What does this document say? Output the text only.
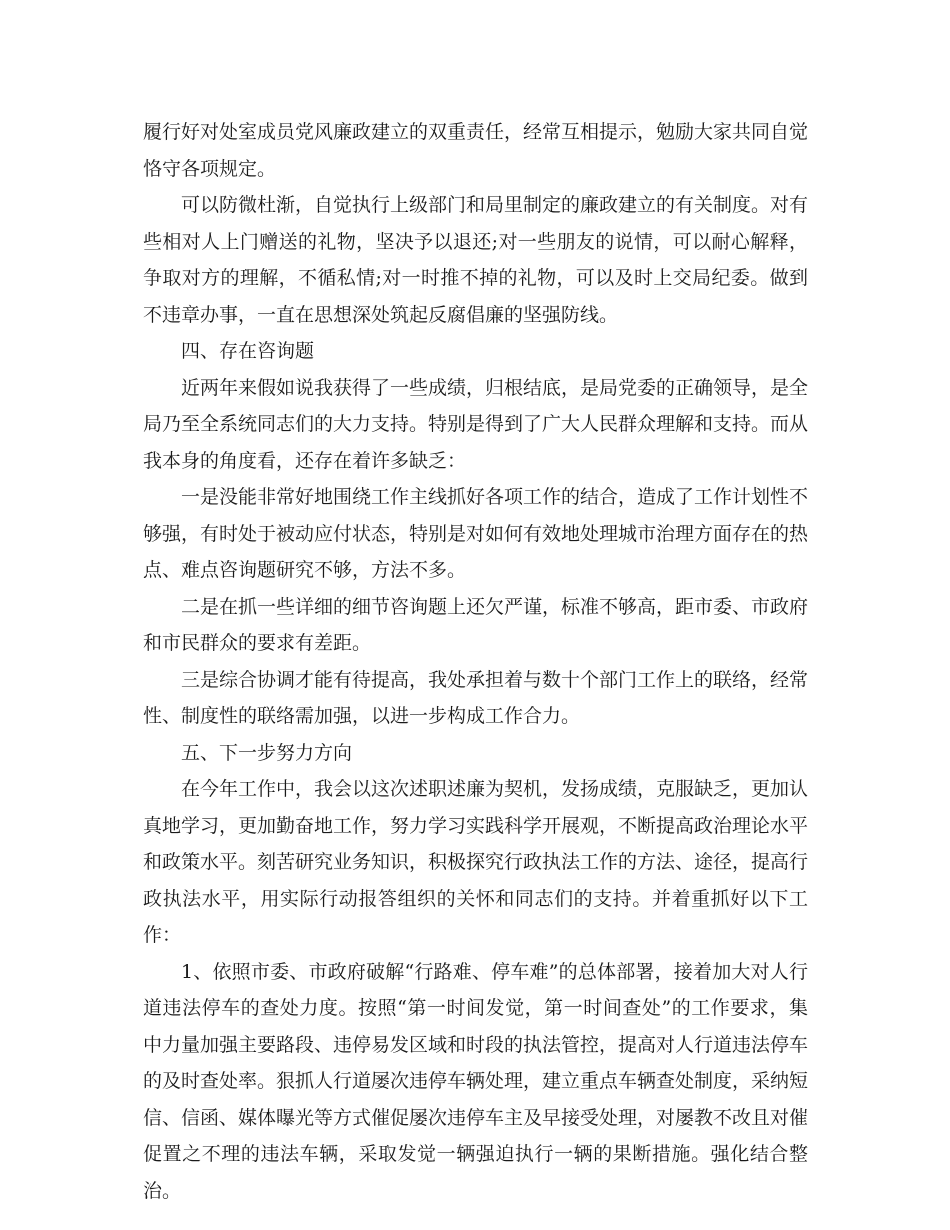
履行好对处室成员党风廉政建立的双重责任，经常互相提示，勉励大家共同自觉恪守各项规定。

可以防微杜渐，自觉执行上级部门和局里制定的廉政建立的有关制度。对有些相对人上门赠送的礼物，坚决予以退还;对一些朋友的说情，可以耐心解释，争取对方的理解，不循私情;对一时推不掉的礼物，可以及时上交局纪委。做到不违章办事，一直在思想深处筑起反腐倡廉的坚强防线。

四、存在咨询题

近两年来假如说我获得了一些成绩，归根结底，是局党委的正确领导，是全局乃至全系统同志们的大力支持。特别是得到了广大人民群众理解和支持。而从我本身的角度看，还存在着许多缺乏：

一是没能非常好地围绕工作主线抓好各项工作的结合，造成了工作计划性不够强，有时处于被动应付状态，特别是对如何有效地处理城市治理方面存在的热点、难点咨询题研究不够，方法不多。

二是在抓一些详细的细节咨询题上还欠严谨，标准不够高，距市委、市政府和市民群众的要求有差距。

三是综合协调才能有待提高，我处承担着与数十个部门工作上的联络，经常性、制度性的联络需加强，以进一步构成工作合力。

五、下一步努力方向

在今年工作中，我会以这次述职述廉为契机，发扬成绩，克服缺乏，更加认真地学习，更加勤奋地工作，努力学习实践科学开展观，不断提高政治理论水平和政策水平。刻苦研究业务知识，积极探究行政执法工作的方法、途径，提高行政执法水平，用实际行动报答组织的关怀和同志们的支持。并着重抓好以下工作：

1、依照市委、市政府破解“行路难、停车难”的总体部署，接着加大对人行道违法停车的查处力度。按照“第一时间发觉，第一时间查处”的工作要求，集中力量加强主要路段、违停易发区域和时段的执法管控，提高对人行道违法停车的及时查处率。狠抓人行道屡次违停车辆处理，建立重点车辆查处制度，采纳短信、信函、媒体曝光等方式催促屡次违停车主及早接受处理，对屡教不改且对催促置之不理的违法车辆，采取发觉一辆强迫执行一辆的果断措施。强化结合整治。
